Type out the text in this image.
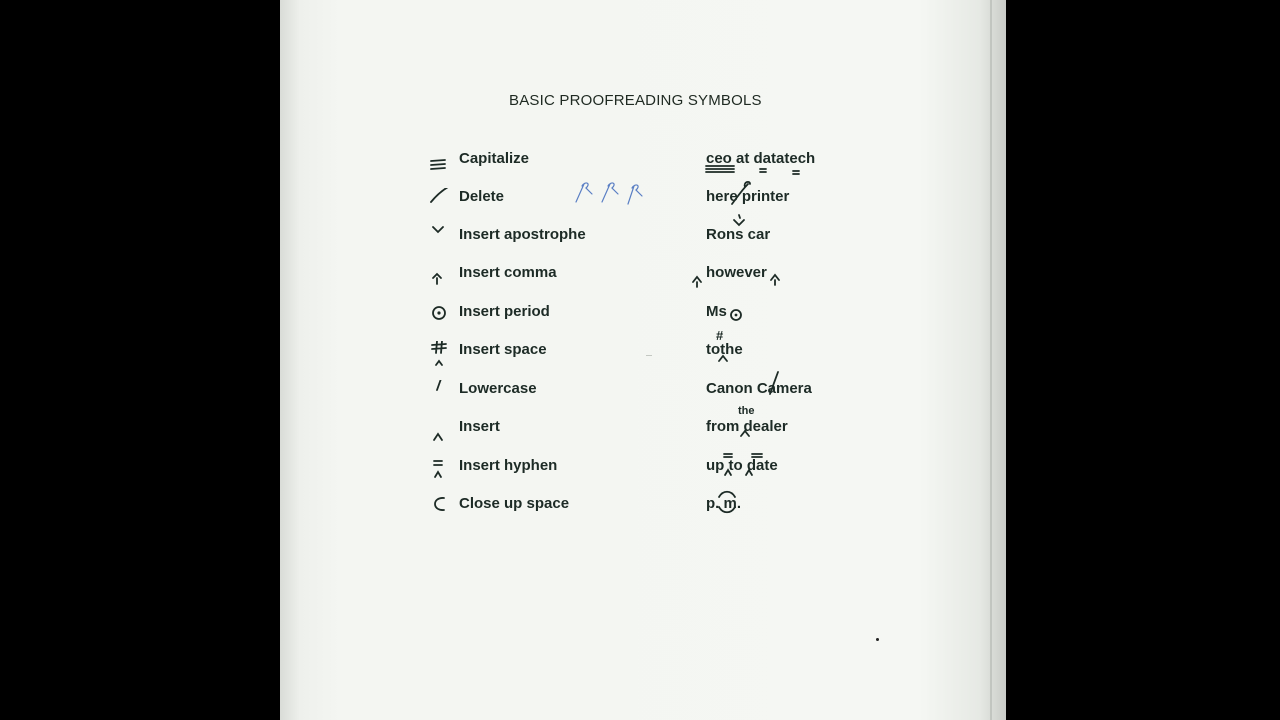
BASIC PROOFREADING SYMBOLS
Capitalize	ceo at datatech
Delete	here printer
Insert apostrophe	Rons car
Insert comma	however
Insert period	Ms
Insert space	tothe
#
Lowercase	Canon Camera
Insert	from dealer
the
Insert hyphen	up to date
Close up space	p. m.
